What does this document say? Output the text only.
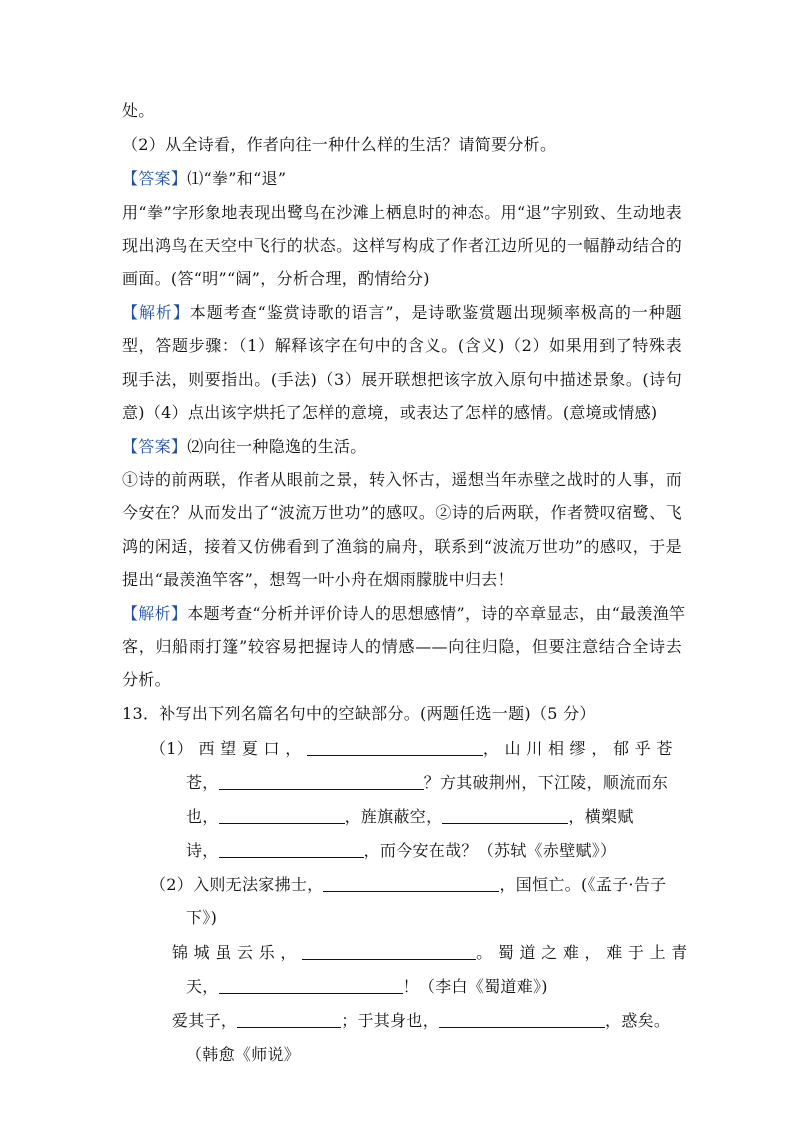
处。
（2）从全诗看，作者向往一种什么样的生活？请简要分析。
【答案】⑴“拳”和“退”
用“拳”字形象地表现出鹭鸟在沙滩上栖息时的神态。用“退”字别致、生动地表
现出鸿鸟在天空中飞行的状态。这样写构成了作者江边所见的一幅静动结合的
画面。(答“明”“阔”，分析合理，酌情给分)
【解析】本题考查“鉴赏诗歌的语言”，是诗歌鉴赏题出现频率极高的一种题
型，答题步骤：（1）解释该字在句中的含义。(含义)（2）如果用到了特殊表
现手法，则要指出。(手法)（3）展开联想把该字放入原句中描述景象。(诗句
意)（4）点出该字烘托了怎样的意境，或表达了怎样的感情。(意境或情感)
【答案】⑵向往一种隐逸的生活。
①诗的前两联，作者从眼前之景，转入怀古，遥想当年赤壁之战时的人事，而
今安在？从而发出了“波流万世功”的感叹。②诗的后两联，作者赞叹宿鹭、飞
鸿的闲适，接着又仿佛看到了渔翁的扁舟，联系到“波流万世功”的感叹，于是
提出“最羡渔竿客”，想驾一叶小舟在烟雨朦胧中归去！
【解析】本题考查“分析并评价诗人的思想感情”，诗的卒章显志，由“最羡渔竿
客，归船雨打篷”较容易把握诗人的情感——向往归隐，但要注意结合全诗去
分析。
13．补写出下列名篇名句中的空缺部分。(两题任选一题)（5 分）
（1） 西 望 夏 口 ，	， 山 川 相 缪 ， 郁 乎 苍
苍，	？方其破荆州，下江陵，顺流而东
也，	，旌旗蔽空，	，横槊赋
诗，	，而今安在哉？（苏轼《赤壁赋》）
（2）入则无法家拂士，	，国恒亡。(《孟子·告子
下》)
锦 城 虽 云 乐 ，	。 蜀 道 之 难 ， 难 于 上 青
天，	！（李白《蜀道难》)
爱其子，	；于其身也，	，惑矣。
（韩愈《师说》
